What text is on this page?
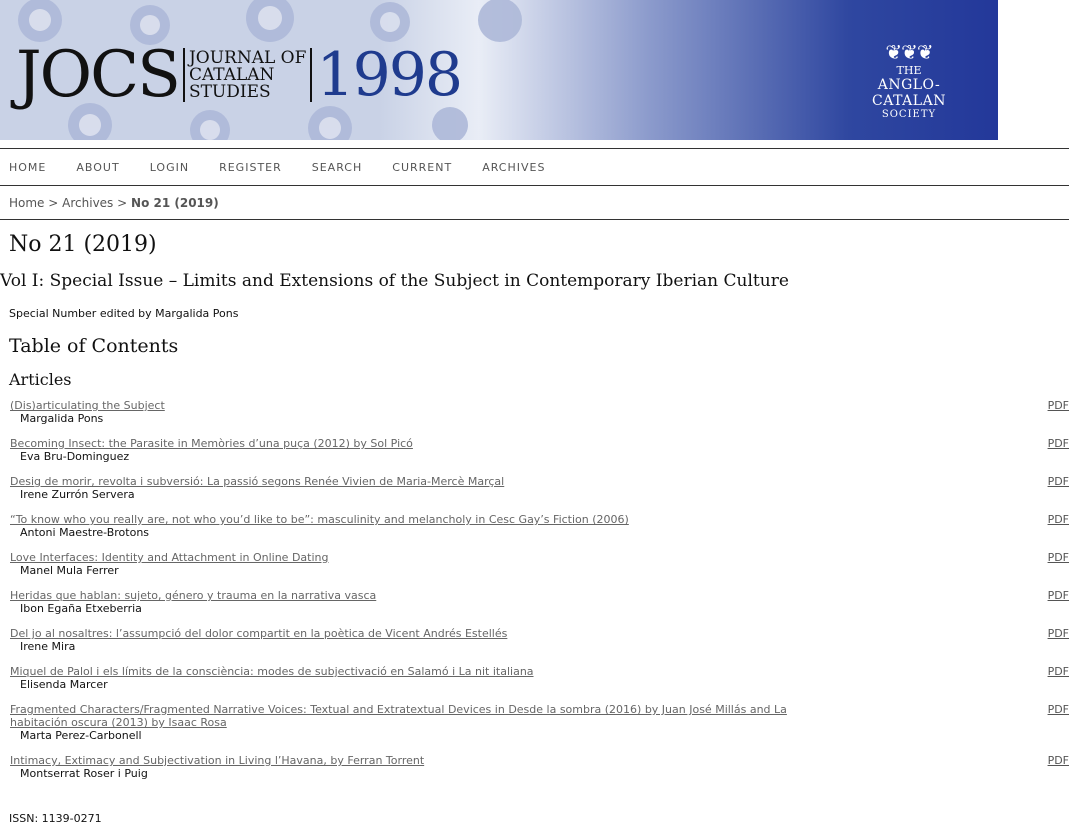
JOCS JOURNAL OF
CATALAN
STUDIES 1998	❦❦❦
THE
ANGLO-CATALAN
SOCIETY
HOME	ABOUT	LOGIN	REGISTER	SEARCH	CURRENT	ARCHIVES
Home > Archives > No 21 (2019)
No 21 (2019)
Vol I: Special Issue – Limits and Extensions of the Subject in Contemporary Iberian Culture
Special Number edited by Margalida Pons
Table of Contents
Articles
(Dis)articulating the Subject
Margalida Pons
PDF
Becoming Insect: the Parasite in Memòries d’una puça (2012) by Sol Picó
Eva Bru-Dominguez
PDF
Desig de morir, revolta i subversió: La passió segons Renée Vivien de Maria-Mercè Marçal
Irene Zurrón Servera
PDF
“To know who you really are, not who you’d like to be”: masculinity and melancholy in Cesc Gay’s Fiction (2006)
Antoni Maestre-Brotons
PDF
Love Interfaces: Identity and Attachment in Online Dating
Manel Mula Ferrer
PDF
Heridas que hablan: sujeto, género y trauma en la narrativa vasca
Ibon Egaña Etxeberria
PDF
Del jo al nosaltres: l’assumpció del dolor compartit en la poètica de Vicent Andrés Estellés
Irene Mira
PDF
Miquel de Palol i els límits de la consciència: modes de subjectivació en Salamó i La nit italiana
Elisenda Marcer
PDF
Fragmented Characters/Fragmented Narrative Voices: Textual and Extratextual Devices in Desde la sombra (2016) by Juan José Millás and La habitación oscura (2013) by Isaac Rosa
Marta Perez-Carbonell
PDF
Intimacy, Extimacy and Subjectivation in Living l’Havana, by Ferran Torrent
Montserrat Roser i Puig
PDF
ISSN: 1139-0271
